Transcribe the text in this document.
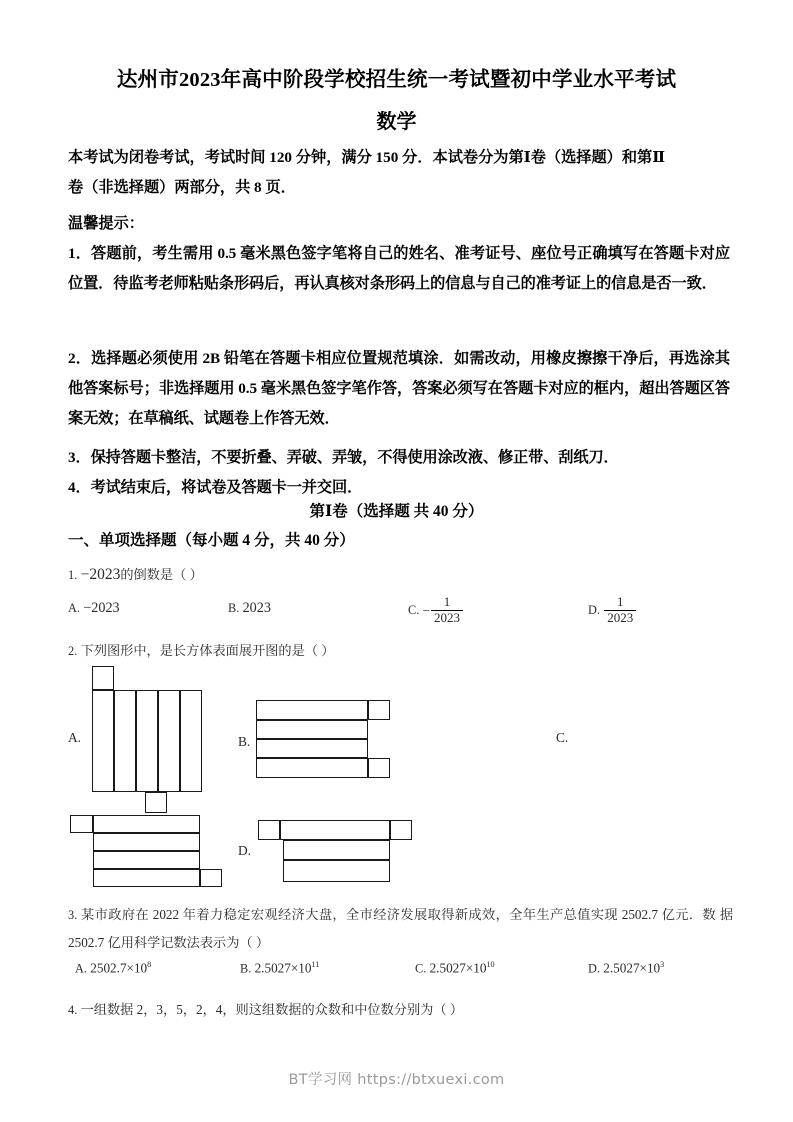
达州市2023年高中阶段学校招生统一考试暨初中学业水平考试
数学
本考试为闭卷考试，考试时间 120 分钟，满分 150 分．本试卷分为第Ⅰ卷（选择题）和第Ⅱ
卷（非选择题）两部分，共 8 页．
温馨提示：
1．答题前，考生需用 0.5 毫米黑色签字笔将自己的姓名、准考证号、座位号正确填写在答题卡对应位置．待监考老师粘贴条形码后，再认真核对条形码上的信息与自己的准考证上的信息是否一致．
2．选择题必须使用 2B 铅笔在答题卡相应位置规范填涂．如需改动，用橡皮擦擦干净后，再选涂其他答案标号；非选择题用 0.5 毫米黑色签字笔作答，答案必须写在答题卡对应的框内，超出答题区答案无效；在草稿纸、试题卷上作答无效．
3．保持答题卡整洁，不要折叠、弄破、弄皱，不得使用涂改液、修正带、刮纸刀．
4．考试结束后，将试卷及答题卡一并交回．
第Ⅰ卷（选择题 共 40 分）
一、单项选择题（每小题 4 分，共 40 分）
1. −2023的倒数是（ ）
A. −2023	B. 2023	C. − $\frac{1}{2023}$	D. $\frac{1}{2023}$
2. 下列图形中，是长方体表面展开图的是（ ）
A.	B.	C.
D.
3. 某市政府在 2022 年着力稳定宏观经济大盘，全市经济发展取得新成效，全年生产总值实现 2502.7 亿元．数 据 2502.7 亿用科学记数法表示为（ ）
A. $2502.7\times 10^8$	B. $2.5027\times 10^{11}$	C. $2.5027\times 10^{10}$	D. $2.5027\times 10^3$
4. 一组数据 2，3，5，2，4，则这组数据的众数和中位数分别为（ ）
BT学习网 https://btxuexi.com
